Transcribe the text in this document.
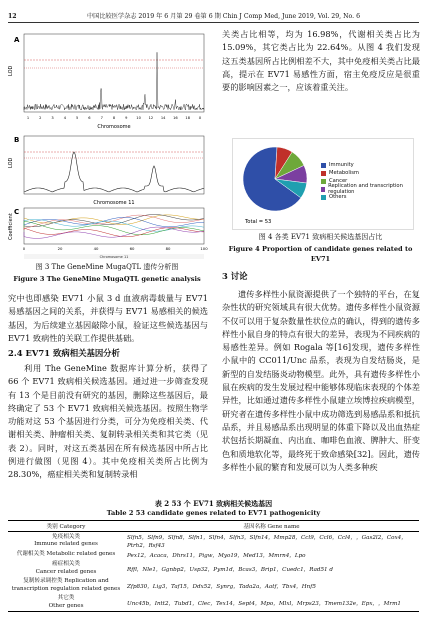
12	中国比较医学杂志 2019 年 6 月第 29 卷第 6 期 Chin J Comp Med, June 2019, Vol. 29, No. 6
A
LOD
1	2	3	4	5	6	7	8	9 10 12 14 16 18 X
Chromosome
B
LOD
Chromosome 11
C
Coefficient
0	20	40	60	80	100
Chromosome 11
图 3 The GeneMine MugaQTL 遗传分析图
Figure 3 The GeneMine MugaQTL genetic analysis
究中也即感染 EV71 小鼠 3 d 血液病毒载量与 EV71 易感基因之间的关系，并获得与 EV71 易感相关的候选基因，为后续建立基因敲除小鼠，验证这些候选基因与 EV71 致病性的关联工作提供基础。
2.4 EV71 致病相关基因分析
利用 The GeneMine 数据库计算分析，获得了 66 个 EV71 致病相关候选基因。通过进一步筛查发现有 13 个是目前没有研究的基因，删除这些基因后，最终确定了 53 个 EV71 致病相关候选基因。按照生物学功能对这 53 个基因进行分类，可分为免疫相关类、代谢相关类、肿瘤相关类、复制转录相关类和其它类（见表 2）。同时，对这五类基因在所有候选基因中所占比例进行做图（见图 4）。其中免疫相关类所占比例为 28.30%，癌症相关类和复制转录相
关类占比相等，均为 16.98%，代谢相关类占比为 15.09%，其它类占比为 22.64%。从图 4 我们发现这五类基因所占比例相差不大，其中免疫相关类占比最高，提示在 EV71 易感性方面，宿主免疫反应是很重要的影响因素之一，应该着重关注。
Total = 53
Immunity
Metabolism
Cancer
Replication and transcription regulation
Others
图 4 各类 EV71 致病相关候选基因占比
Figure 4 Proportion of candidate genes related to EV71
3 讨论
遗传多样性小鼠资源提供了一个独特的平台，在复杂性状的研究领域具有很大优势。遗传多样性小鼠资源不仅可以用于复杂数量性状位点的确认，得到的遗传多样性小鼠自身的特点有很大的差异，表现为不同疾病的易感性差异。例如 Rogala 等[16]发现，遗传多样性小鼠中的 CC011/Unc 品系，表现为自发结肠炎，是新型的自发结肠炎动物模型。此外，具有遗传多样性小鼠在疾病的发生发展过程中能够体现临床表现的个体差异性，比如通过遗传多样性小鼠建立埃博拉疾病模型，研究者在遗传多样性小鼠中成功筛选到易感品系和抵抗品系，并且易感品系出现明显的体重下降以及出血热症状包括长期凝血、内出血、咖啡色血液、脾肿大、肝变色和质地软化等，最终死于致命感染[32]。因此，遗传多样性小鼠的繁育和发展可以为人类多种疾
表 2 53 个 EV71 致病相关候选基因
Table 2 53 candidate genes related to EV71 pathogenicity
类别 Category	基因名称 Gene name

免疫相关类
Immune related genes	Slfn5，Slfn9，Slfn8，Slfn1，Slfn4，Slfn3，Slfn14，Mmp28，Ccl9，Ccl6，Ccl4，，Gas2l2，Cox4，Ptrh2，Rsf43

代谢相关类 Metabolic related genes	Pex12，Acaca，Dhrs11，Pigw，Myo19，Med13，Mmrn4，Lpo

癌症相关类
Cancer related genes	Rffl，Nle1，Ggnbp2，Usp32，Pym1d，Bcas3，Brip1，Cuedc1，Rad51 d

复制转录调控类 Replication and
transcription regulation related genes	Zfp830，Lig3，Taf15，Ddx52，Synrg，Tada2a，Aatf，Tbx4，Hnf5

其它类
Other genes	Unc45b，Intt2，Tubd1，Clec，Tex14，Sept4，Mpo，Mlxl，Mrps23，Tmem132e，Epx，，Mrm1
